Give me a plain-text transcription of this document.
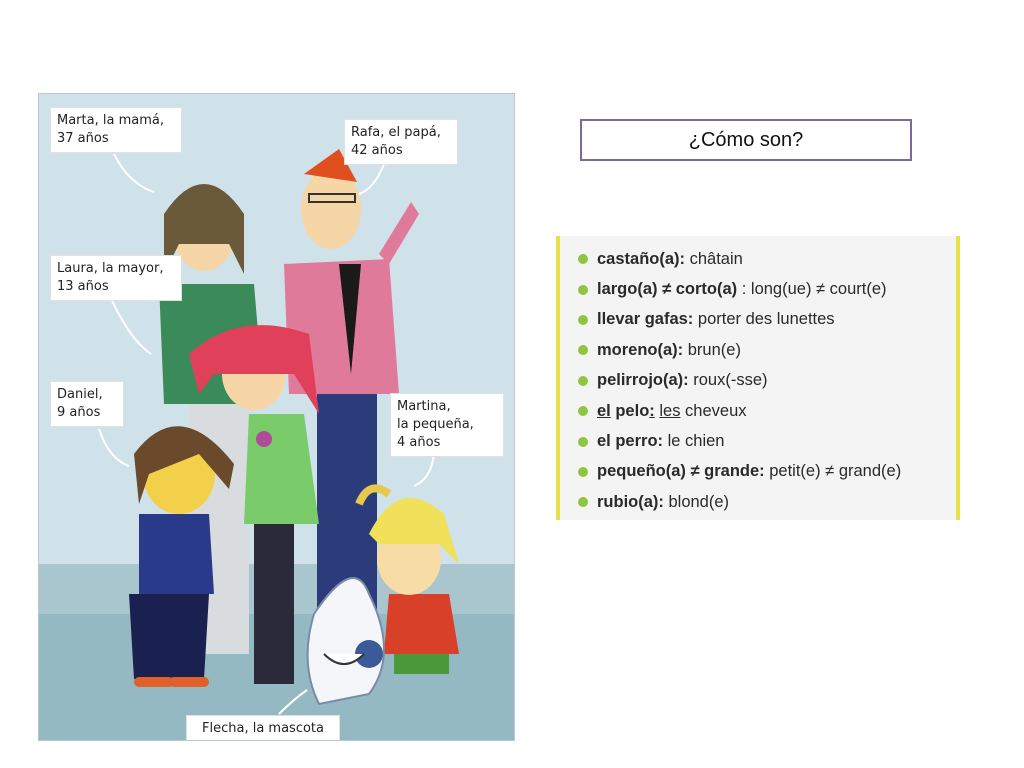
Marta, la mamá,
37 años	Rafa, el papá,
42 años
Laura, la mayor,
13 años
Daniel,
9 años	Martina,
la pequeña,
4 años
Flecha, la mascota
¿Cómo son?
castaño(a): châtain
largo(a) ≠ corto(a) : long(ue) ≠ court(e)
llevar gafas: porter des lunettes
moreno(a): brun(e)
pelirrojo(a): roux(-sse)
el pelo :
les cheveux
el perro: le chien
pequeño(a) ≠ grande: petit(e) ≠ grand(e)
rubio(a): blond(e)
